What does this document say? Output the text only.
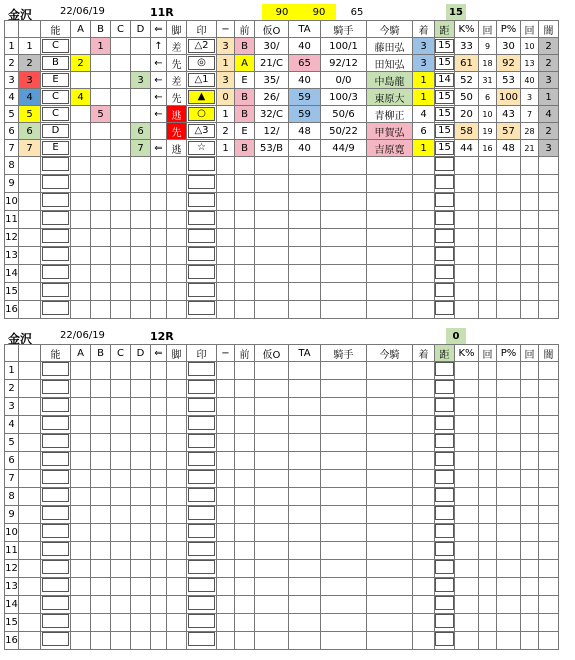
金沢	22/06/19	11R	90	90	65	15
		能	A	B	C	D	⇐	脚	印	−	前	仮O	TA	騎手	今騎	着	距	K%	回	P%	回	闇
1	1	C		1			↑	差	△2	3	B	30/	40	100/1	藤田弘	3	15	33	9	30	10	2
2	2	B	2				←	先	◎	1	A	21/C	65	92/12	田知弘	3	15	61	18	92	13	2
3	3	E				3	←	差	△1	3	E	35/	40	0/0	中島龍	1	14	52	31	53	40	3
4	4	C	4				←	先	▲	0	B	26/	59	100/3	東原大	1	15	50	6	100	3	1
5	5	C		5			←	逃	○	1	B	32/C	59	50/6	青柳正	4	15	20	10	43	7	4
6	6	D				6		先	△3	2	E	12/	48	50/22	甲賀弘	6	15	58	19	57	28	2
7	7	E				7	⇐	逃	☆	1	B	53/B	40	44/9	吉原寛	1	15	44	16	48	21	3
8																						
9																						
10																						
11																						
12																						
13																						
14																						
15																						
16																						
金沢	22/06/19	12R	0
		能	A	B	C	D	⇐	脚	印	−	前	仮O	TA	騎手	今騎	着	距	K%	回	P%	回	闇
1																						
2																						
3																						
4																						
5																						
6																						
7																						
8																						
9																						
10																						
11																						
12																						
13																						
14																						
15																						
16																						
